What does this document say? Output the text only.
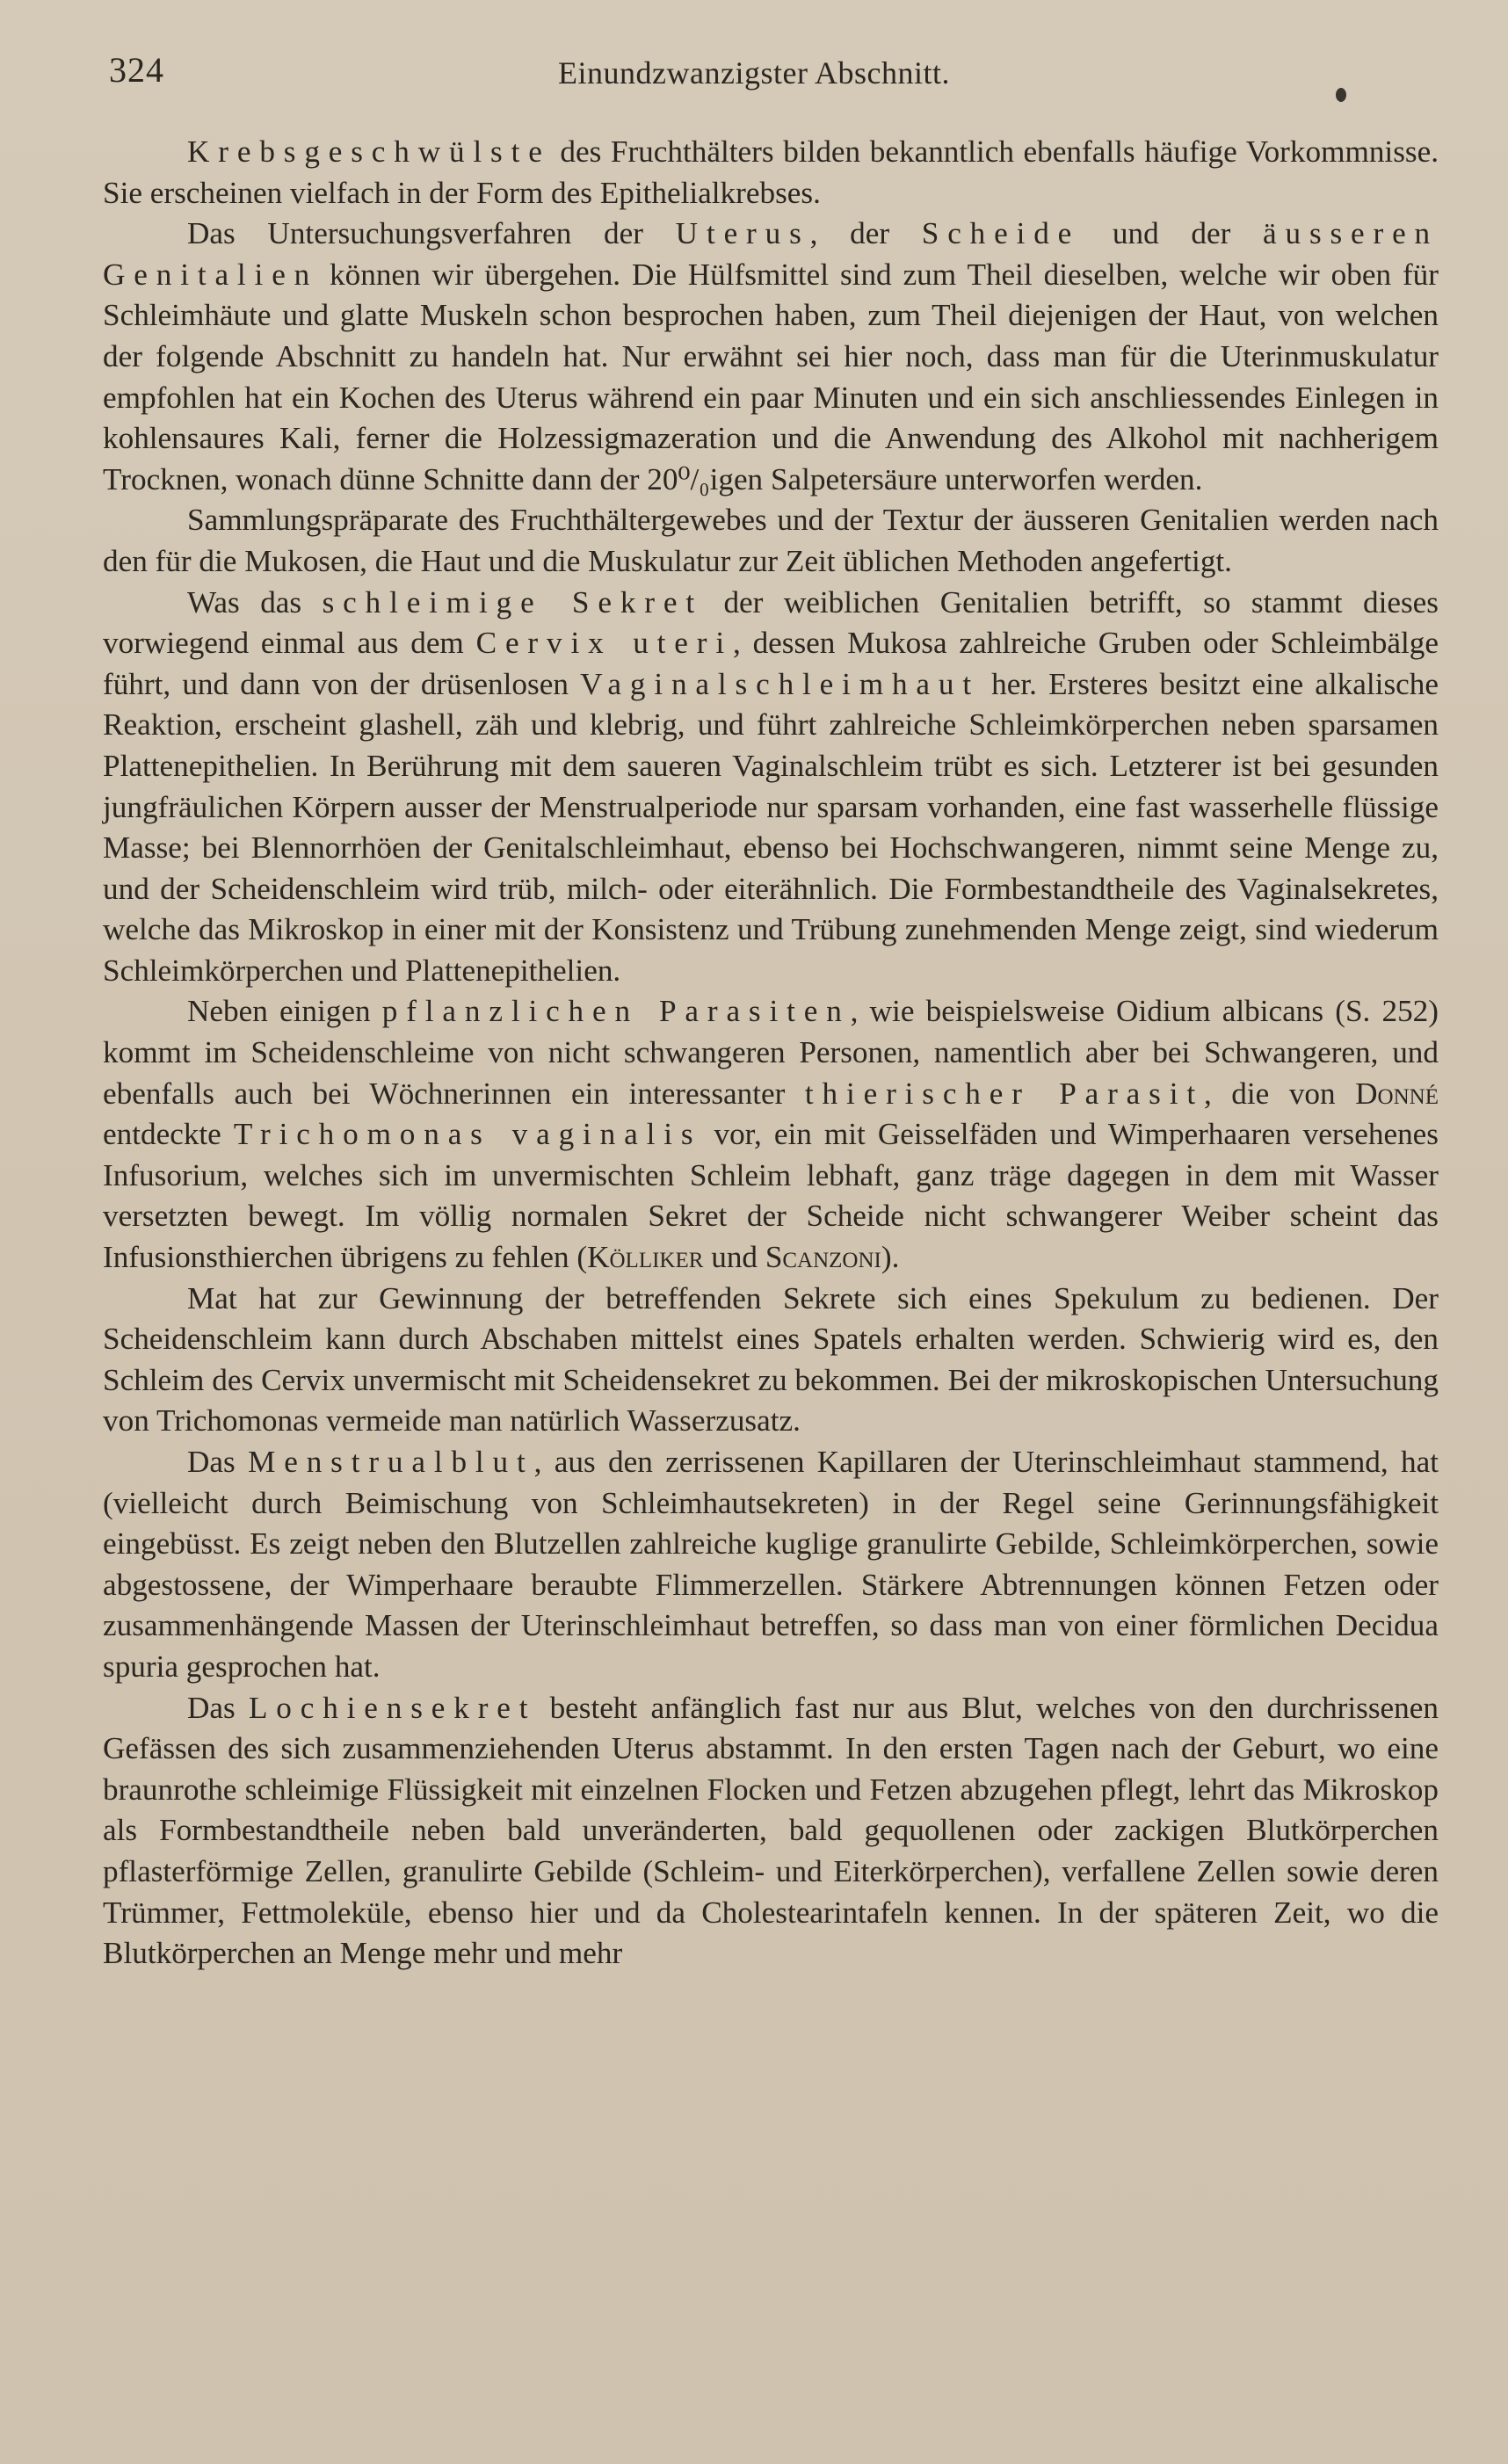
324	Einundzwanzigster Abschnitt.

Krebsgeschwülste des Fruchthälters bilden bekanntlich ebenfalls häufige Vorkommnisse. Sie erscheinen vielfach in der Form des Epithelialkrebses.

Das Untersuchungsverfahren der Uterus, der Scheide und der äusseren Genitalien können wir übergehen. Die Hülfsmittel sind zum Theil dieselben, welche wir oben für Schleimhäute und glatte Muskeln schon besprochen haben, zum Theil diejenigen der Haut, von welchen der folgende Abschnitt zu handeln hat. Nur erwähnt sei hier noch, dass man für die Uterinmuskulatur empfohlen hat ein Kochen des Uterus während ein paar Minuten und ein sich anschliessendes Einlegen in kohlensaures Kali, ferner die Holzessigmazeration und die Anwendung des Alkohol mit nachherigem Trocknen, wonach dünne Schnitte dann der 20⁰/₀igen Salpetersäure unterworfen werden.

Sammlungspräparate des Fruchthältergewebes und der Textur der äusseren Genitalien werden nach den für die Mukosen, die Haut und die Muskulatur zur Zeit üblichen Methoden angefertigt.

Was das schleimige Sekret der weiblichen Genitalien betrifft, so stammt dieses vorwiegend einmal aus dem Cervix uteri, dessen Mukosa zahlreiche Gruben oder Schleimbälge führt, und dann von der drüsenlosen Vaginalschleimhaut her. Ersteres besitzt eine alkalische Reaktion, erscheint glashell, zäh und klebrig, und führt zahlreiche Schleimkörperchen neben sparsamen Plattenepithelien. In Berührung mit dem saueren Vaginalschleim trübt es sich. Letzterer ist bei gesunden jungfräulichen Körpern ausser der Menstrualperiode nur sparsam vorhanden, eine fast wasserhelle flüssige Masse; bei Blennorrhöen der Genitalschleimhaut, ebenso bei Hochschwangeren, nimmt seine Menge zu, und der Scheidenschleim wird trüb, milch- oder eiterähnlich. Die Formbestandtheile des Vaginalsekretes, welche das Mikroskop in einer mit der Konsistenz und Trübung zunehmenden Menge zeigt, sind wiederum Schleimkörperchen und Plattenepithelien.

Neben einigen pflanzlichen Parasiten, wie beispielsweise Oidium albicans (S. 252) kommt im Scheidenschleime von nicht schwangeren Personen, namentlich aber bei Schwangeren, und ebenfalls auch bei Wöchnerinnen ein interessanter thierischer Parasit, die von Donné entdeckte Trichomonas vaginalis vor, ein mit Geisselfäden und Wimperhaaren versehenes Infusorium, welches sich im unvermischten Schleim lebhaft, ganz träge dagegen in dem mit Wasser versetzten bewegt. Im völlig normalen Sekret der Scheide nicht schwangerer Weiber scheint das Infusionsthierchen übrigens zu fehlen (Kölliker und Scanzoni).

Mat hat zur Gewinnung der betreffenden Sekrete sich eines Spekulum zu bedienen. Der Scheidenschleim kann durch Abschaben mittelst eines Spatels erhalten werden. Schwierig wird es, den Schleim des Cervix unvermischt mit Scheidensekret zu bekommen. Bei der mikroskopischen Untersuchung von Trichomonas vermeide man natürlich Wasserzusatz.

Das Menstrualblut, aus den zerrissenen Kapillaren der Uterinschleimhaut stammend, hat (vielleicht durch Beimischung von Schleimhautsekreten) in der Regel seine Gerinnungsfähigkeit eingebüsst. Es zeigt neben den Blutzellen zahlreiche kuglige granulirte Gebilde, Schleimkörperchen, sowie abgestossene, der Wimperhaare beraubte Flimmerzellen. Stärkere Abtrennungen können Fetzen oder zusammenhängende Massen der Uterinschleimhaut betreffen, so dass man von einer förmlichen Decidua spuria gesprochen hat.

Das Lochiensekret besteht anfänglich fast nur aus Blut, welches von den durchrissenen Gefässen des sich zusammenziehenden Uterus abstammt. In den ersten Tagen nach der Geburt, wo eine braunrothe schleimige Flüssigkeit mit einzelnen Flocken und Fetzen abzugehen pflegt, lehrt das Mikroskop als Formbestandtheile neben bald unveränderten, bald gequollenen oder zackigen Blutkörperchen pflasterförmige Zellen, granulirte Gebilde (Schleim- und Eiterkörperchen), verfallene Zellen sowie deren Trümmer, Fettmoleküle, ebenso hier und da Cholestearintafeln kennen. In der späteren Zeit, wo die Blutkörperchen an Menge mehr und mehr
